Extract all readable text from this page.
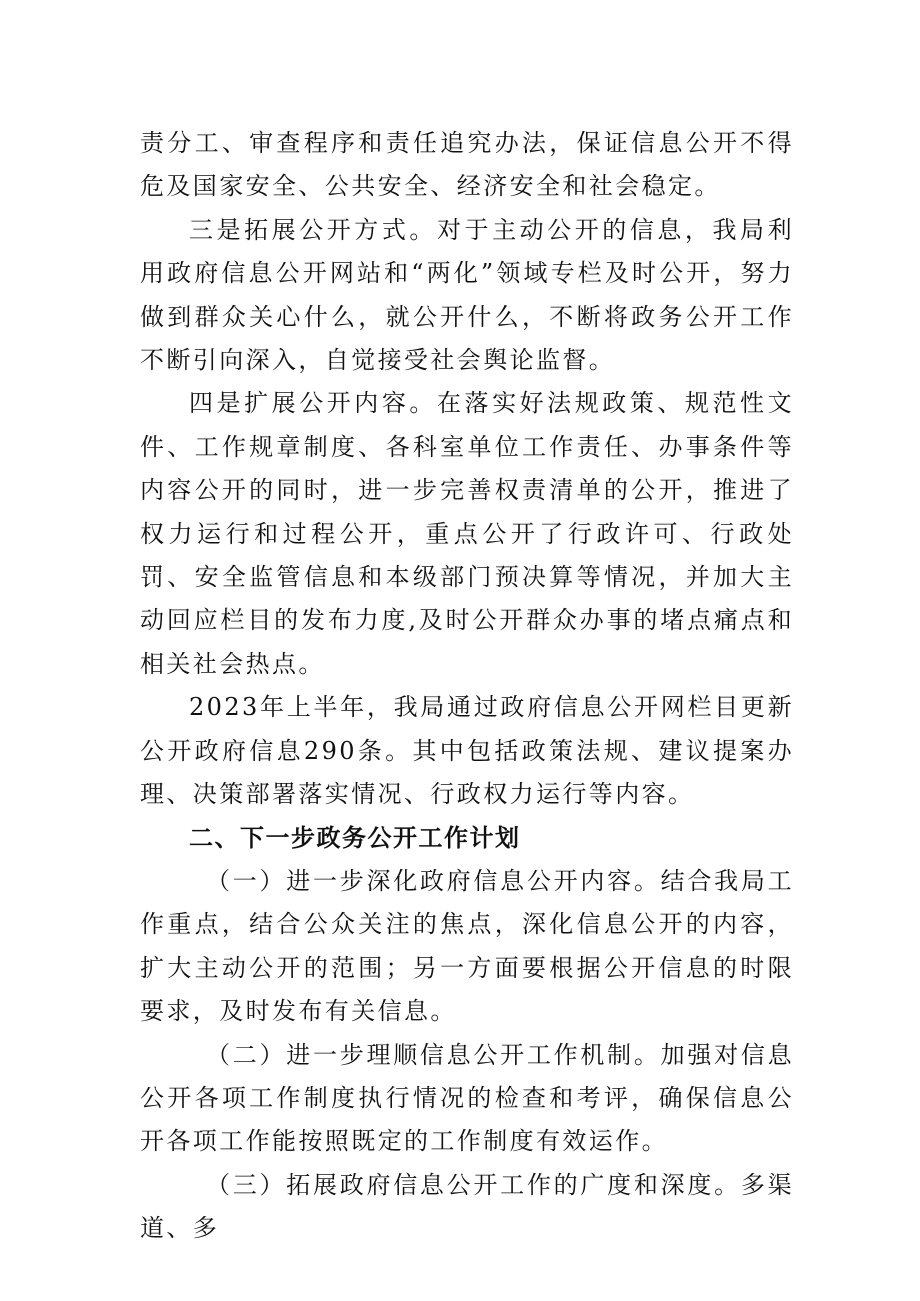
责分工、审查程序和责任追究办法，保证信息公开不得危及国家安全、公共安全、经济安全和社会稳定。

三是拓展公开方式。对于主动公开的信息，我局利用政府信息公开网站和“两化”领域专栏及时公开，努力做到群众关心什么，就公开什么，不断将政务公开工作不断引向深入，自觉接受社会舆论监督。

四是扩展公开内容。在落实好法规政策、规范性文件、工作规章制度、各科室单位工作责任、办事条件等内容公开的同时，进一步完善权责清单的公开，推进了权力运行和过程公开，重点公开了行政许可、行政处罚、安全监管信息和本级部门预决算等情况，并加大主动回应栏目的发布力度,及时公开群众办事的堵点痛点和相关社会热点。

2023年上半年，我局通过政府信息公开网栏目更新公开政府信息290条。其中包括政策法规、建议提案办理、决策部署落实情况、行政权力运行等内容。

二、下一步政务公开工作计划

（一）进一步深化政府信息公开内容。结合我局工作重点，结合公众关注的焦点，深化信息公开的内容，扩大主动公开的范围；另一方面要根据公开信息的时限要求，及时发布有关信息。

（二）进一步理顺信息公开工作机制。加强对信息公开各项工作制度执行情况的检查和考评，确保信息公开各项工作能按照既定的工作制度有效运作。

（三）拓展政府信息公开工作的广度和深度。多渠道、多
